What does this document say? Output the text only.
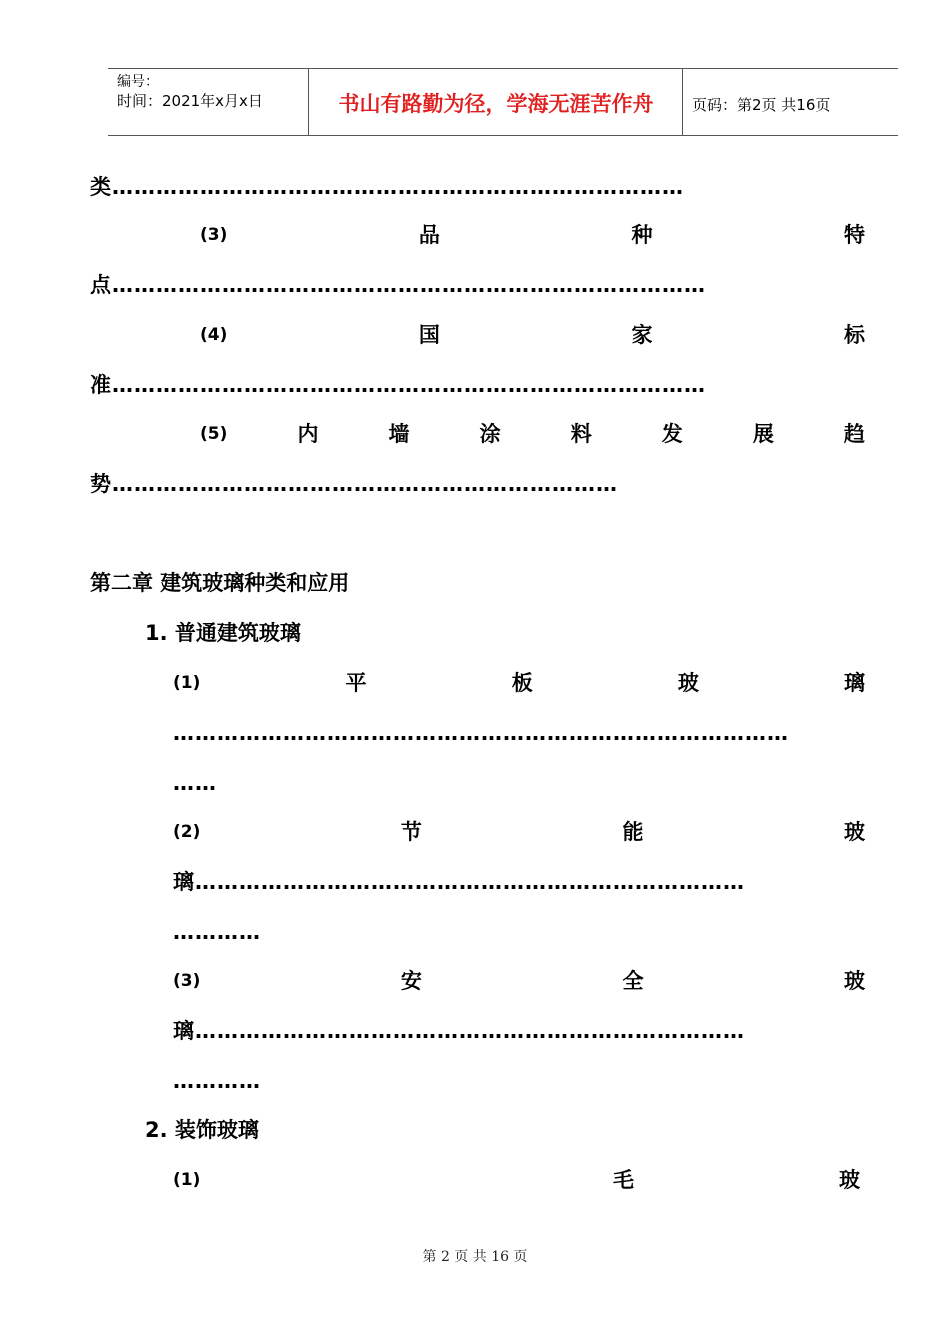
编号：
时间：2021年x月x日	书山有路勤为径，学海无涯苦作舟	页码：第2页 共16页
类……………………………………………………………………
(3)	品	种	特
点………………………………………………………………………
(4)	国	家	标
准………………………………………………………………………
(5)	内	墙	涂	料	发	展	趋
势……………………………………………………………
第二章 建筑玻璃种类和应用
1. 普通建筑玻璃
(1)	平	板	玻	璃
…………………………………………………………………………
……
(2)	节	能	玻
璃…………………………………………………………………
…………
(3)	安	全	玻
璃…………………………………………………………………
…………
2. 装饰玻璃
(1)	毛	玻
第 2 页 共 16 页
